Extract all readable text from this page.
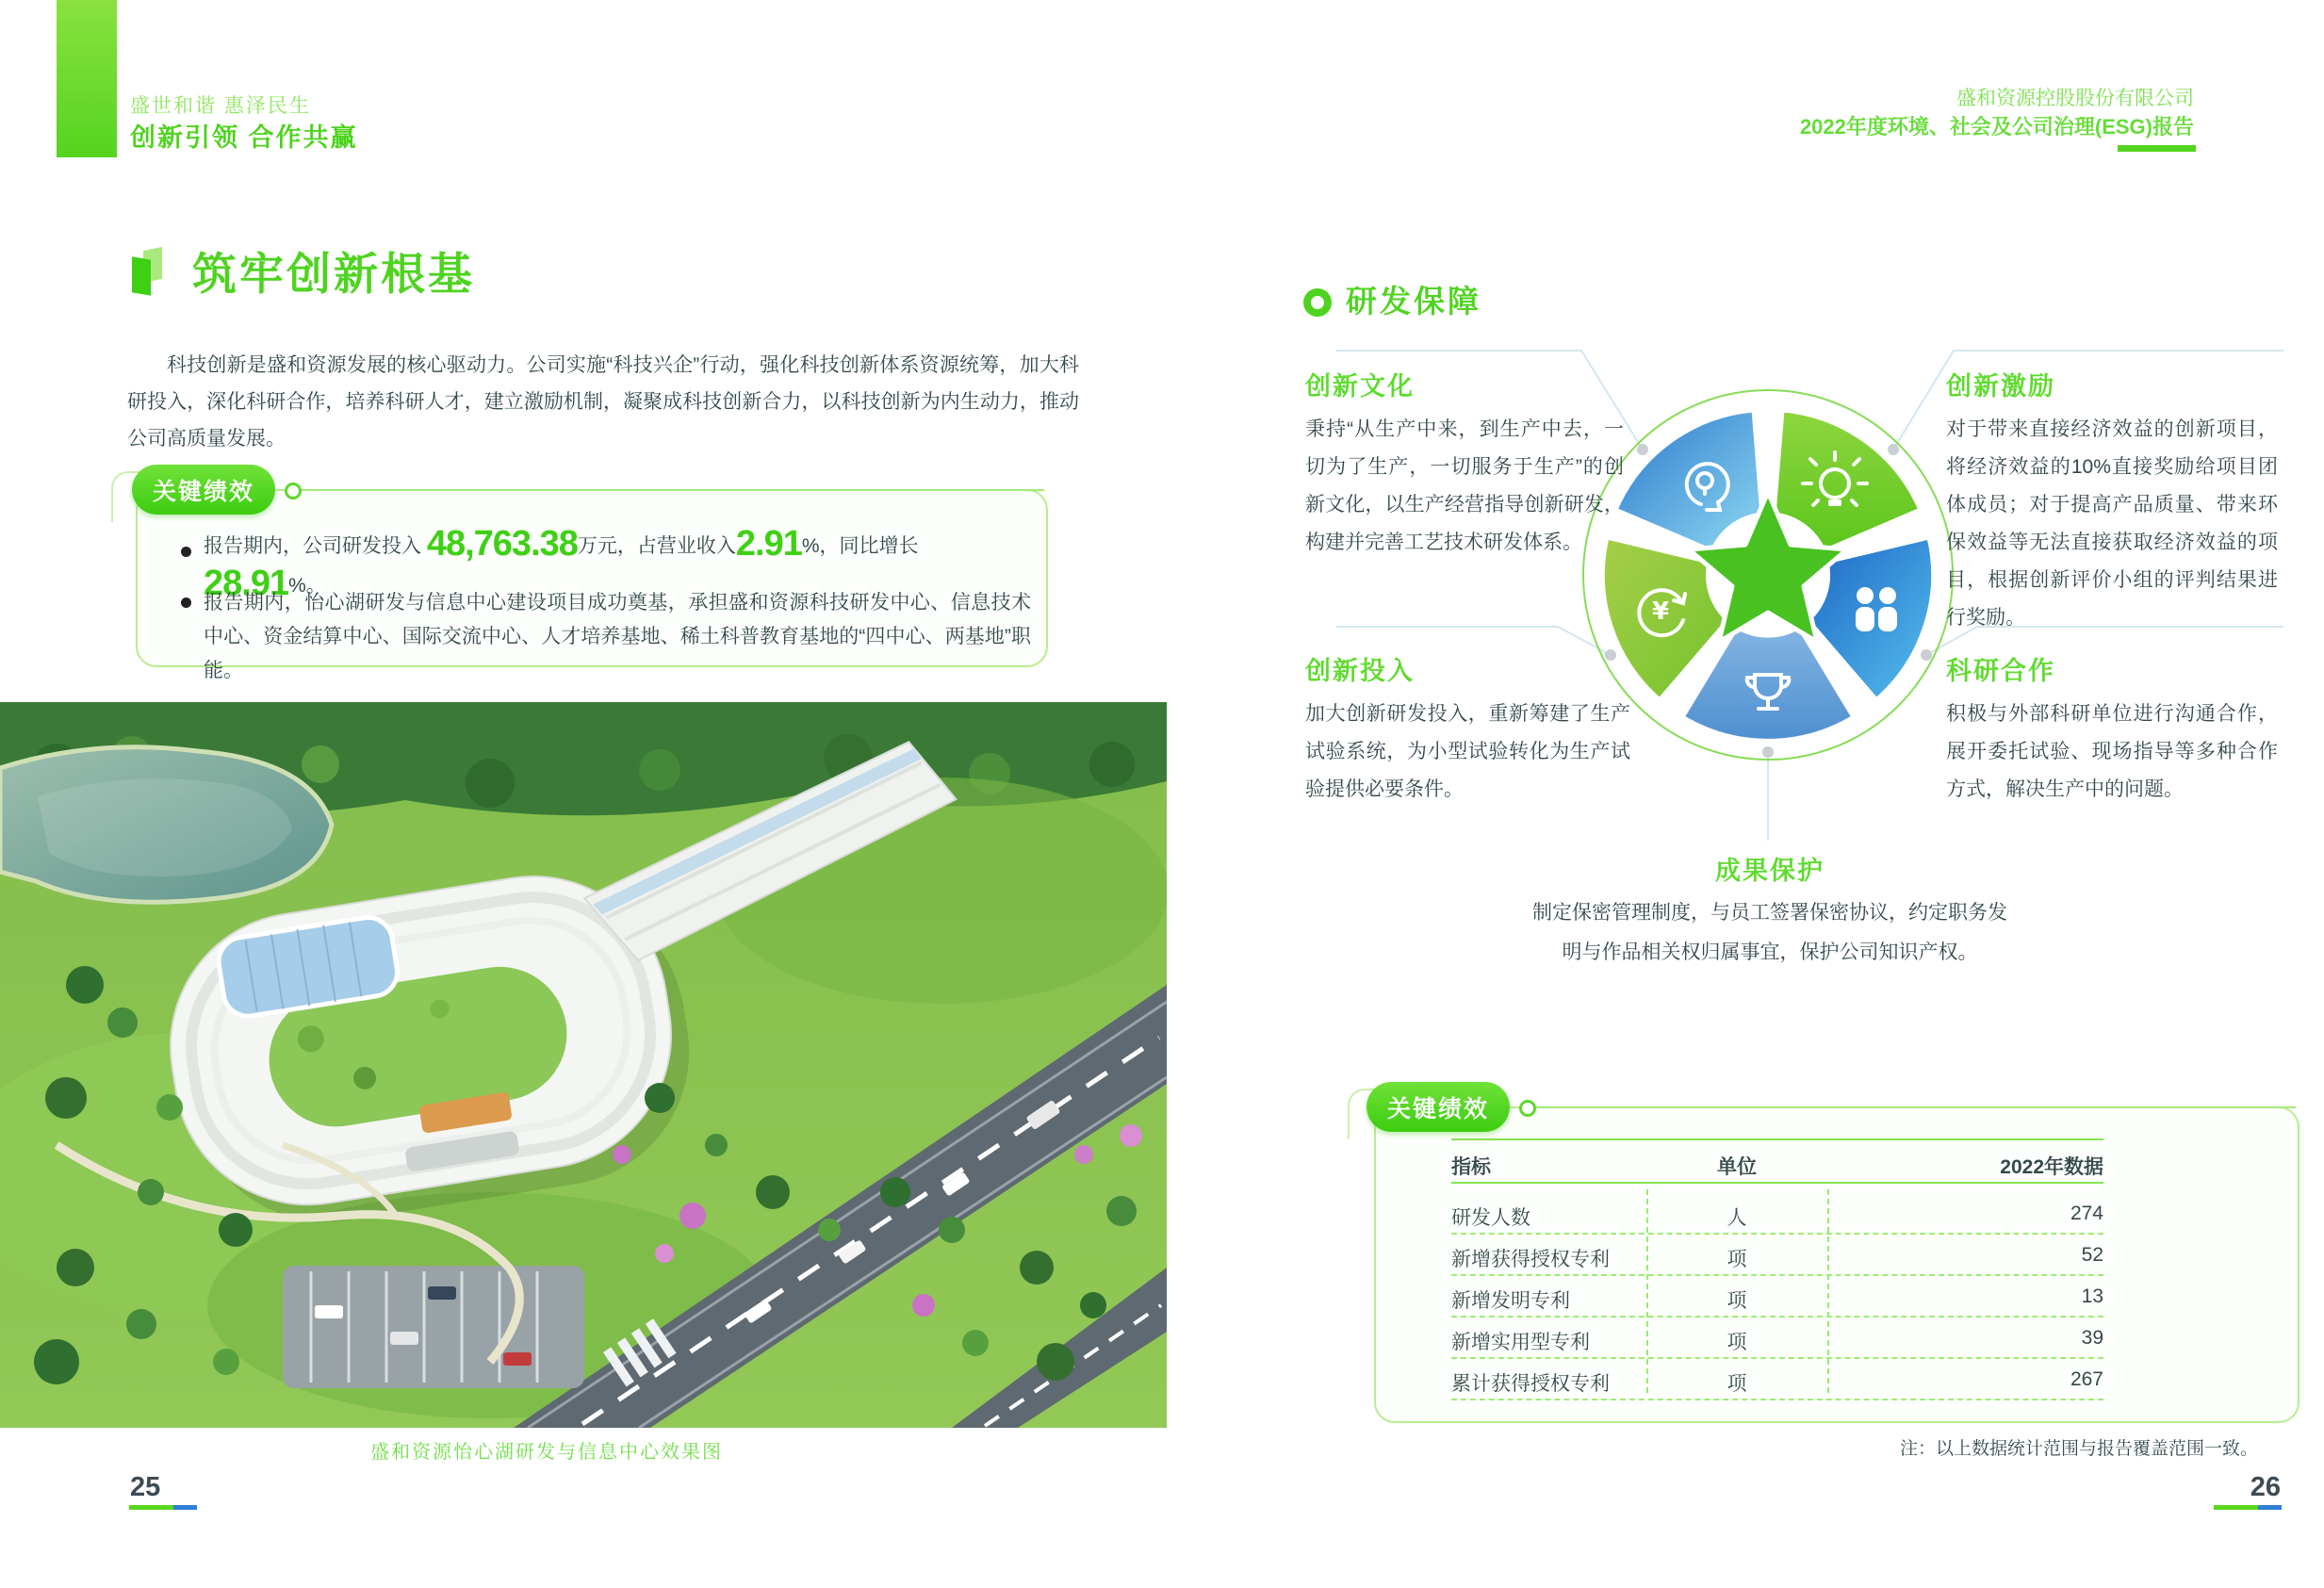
盛世和谐 惠泽民生
创新引领 合作共赢
盛和资源控股股份有限公司
2022年度环境、社会及公司治理(ESG)报告
筑牢创新根基
科技创新是盛和资源发展的核心驱动力。公司实施“科技兴企”行动，强化科技创新体系资源统筹，加大科研投入，深化科研合作，培养科研人才，建立激励机制，凝聚成科技创新合力，以科技创新为内生动力，推动公司高质量发展。
关键绩效
报告期内，公司研发投入 48,763.38万元，占营业收入2.91%，同比增长28.91%。
报告期内，怡心湖研发与信息中心建设项目成功奠基，承担盛和资源科技研发中心、信息技术中心、资金结算中心、国际交流中心、人才培养基地、稀土科普教育基地的“四中心、两基地”职能。
盛和资源怡心湖研发与信息中心效果图
25
研发保障
¥
创新文化
秉持“从生产中来，到生产中去，一切为了生产，一切服务于生产”的创新文化，以生产经营指导创新研发，构建并完善工艺技术研发体系。
创新激励
对于带来直接经济效益的创新项目，将经济效益的10%直接奖励给项目团体成员；对于提高产品质量、带来环保效益等无法直接获取经济效益的项目，根据创新评价小组的评判结果进行奖励。
创新投入
加大创新研发投入，重新筹建了生产试验系统，为小型试验转化为生产试验提供必要条件。
科研合作
积极与外部科研单位进行沟通合作，展开委托试验、现场指导等多种合作方式，解决生产中的问题。
成果保护
制定保密管理制度，与员工签署保密协议，约定职务发明与作品相关权归属事宜，保护公司知识产权。
关键绩效
指标	单位	2022年数据
研发人数	人	274
新增获得授权专利	项	52
新增发明专利	项	13
新增实用型专利	项	39
累计获得授权专利	项	267
注：以上数据统计范围与报告覆盖范围一致。
26
